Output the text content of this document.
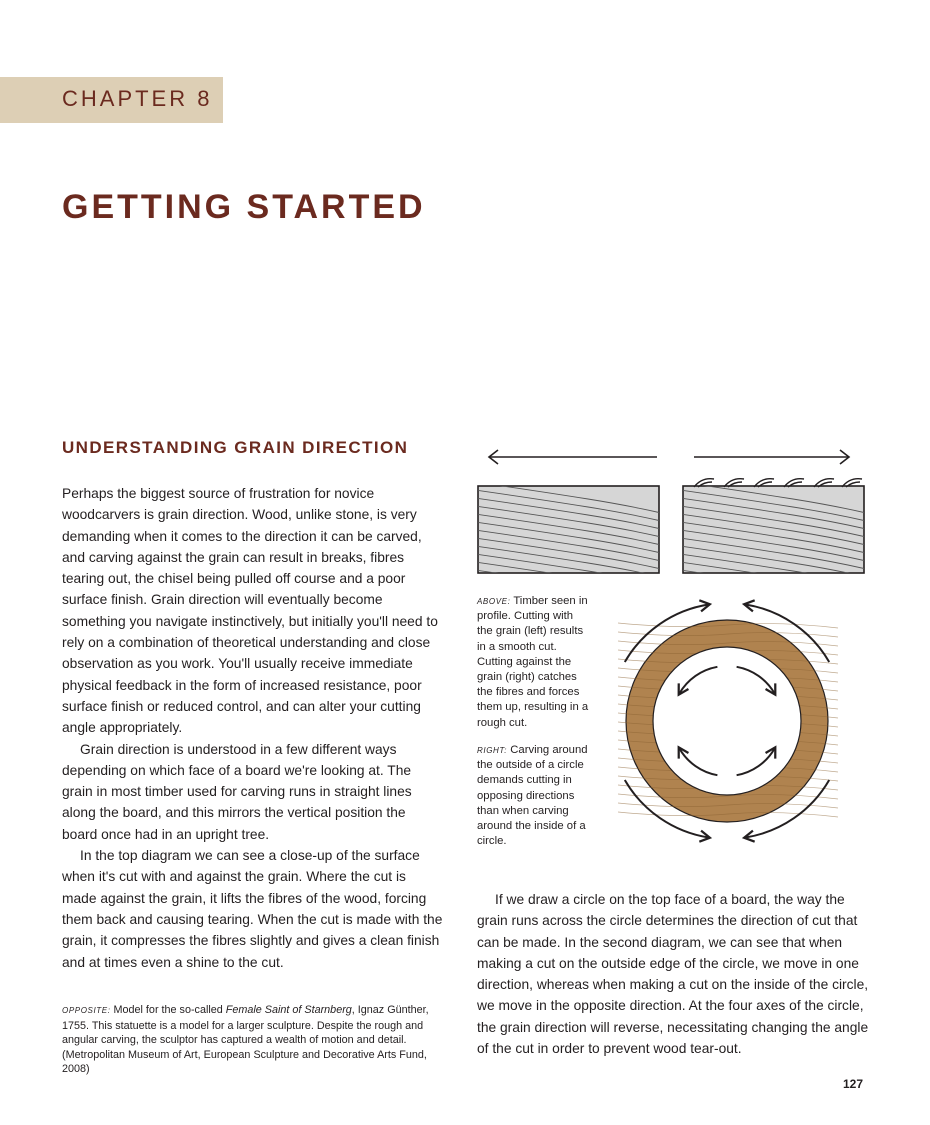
CHAPTER 8
GETTING STARTED
UNDERSTANDING GRAIN DIRECTION

Perhaps the biggest source of frustration for novice woodcarvers is grain direction. Wood, unlike stone, is very demanding when it comes to the direction it can be carved, and carving against the grain can result in breaks, fibres tearing out, the chisel being pulled off course and a poor surface finish. Grain direction will eventually become something you navigate instinctively, but initially you'll need to rely on a combination of theoretical understanding and close observation as you work. You'll usually receive immediate physical feedback in the form of increased resistance, poor surface finish or reduced control, and can alter your cutting angle appropriately.

Grain direction is understood in a few different ways depending on which face of a board we're looking at. The grain in most timber used for carving runs in straight lines along the board, and this mirrors the vertical position the board once had in an upright tree.

In the top diagram we can see a close-up of the surface when it's cut with and against the grain. Where the cut is made against the grain, it lifts the fibres of the wood, forcing them back and causing tearing. When the cut is made with the grain, it compresses the fibres slightly and gives a clean finish and at times even a shine to the cut.

ABOVE: Timber seen in profile. Cutting with the grain (left) results in a smooth cut. Cutting against the grain (right) catches the fibres and forces them up, resulting in a rough cut.

RIGHT: Carving around the outside of a circle demands cutting in opposing directions than when carving around the inside of a circle.

If we draw a circle on the top face of a board, the way the grain runs across the circle determines the direction of cut that can be made. In the second diagram, we can see that when making a cut on the outside edge of the circle, we move in one direction, whereas when making a cut on the inside of the circle, we move in the opposite direction. At the four axes of the circle, the grain direction will reverse, necessitating changing the angle of the cut in order to prevent wood tear-out.

OPPOSITE: Model for the so-called Female Saint of Starnberg, Ignaz Günther, 1755. This statuette is a model for a larger sculpture. Despite the rough and angular carving, the sculptor has captured a wealth of motion and detail. (Metropolitan Museum of Art, European Sculpture and Decorative Arts Fund, 2008)

127
